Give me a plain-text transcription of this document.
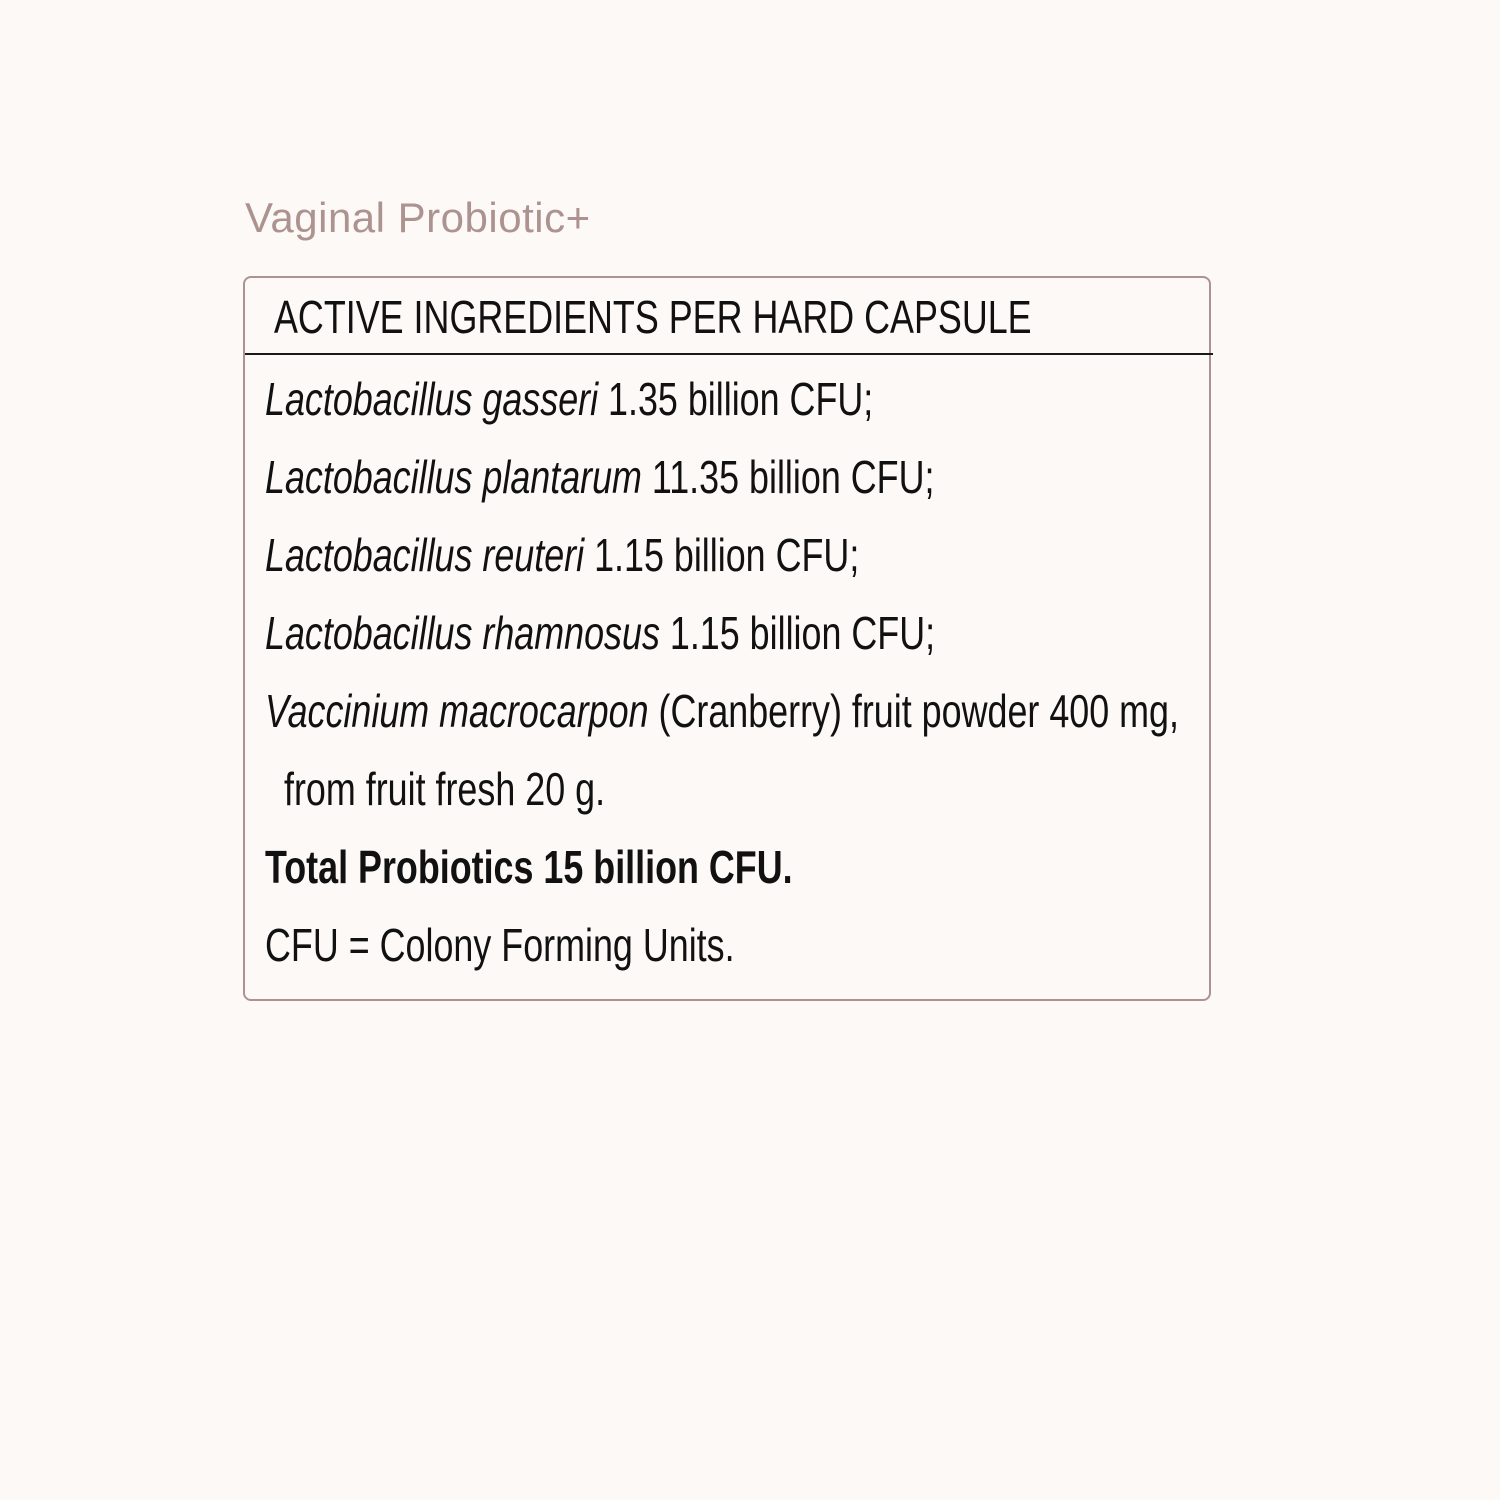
Vaginal Probiotic+
ACTIVE INGREDIENTS PER HARD CAPSULE
Lactobacillus gasseri 1.35 billion CFU;
Lactobacillus plantarum 11.35 billion CFU;
Lactobacillus reuteri 1.15 billion CFU;
Lactobacillus rhamnosus 1.15 billion CFU;
Vaccinium macrocarpon (Cranberry) fruit powder 400 mg,
from fruit fresh 20 g.
Total Probiotics 15 billion CFU.
CFU = Colony Forming Units.
